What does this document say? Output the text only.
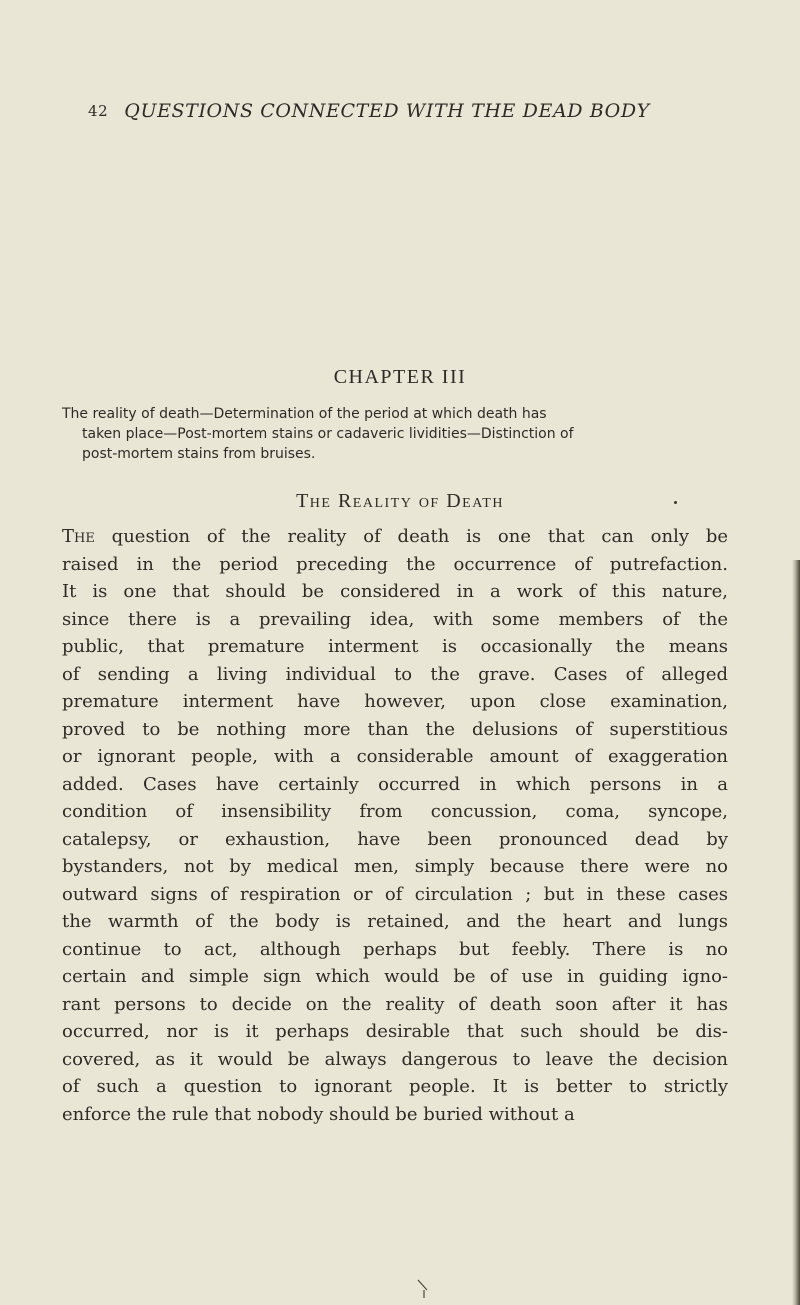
42 QUESTIONS CONNECTED WITH THE DEAD BODY
CHAPTER III
The reality of death—Determination of the period at which death has
taken place—Post-mortem stains or cadaveric lividities—Distinction of
post-mortem stains from bruises.
The Reality of Death
The question of the reality of death is one that can only be
raised in the period preceding the occurrence of putrefaction.
It is one that should be considered in a work of this nature,
since there is a prevailing idea, with some members of the
public, that premature interment is occasionally the means
of sending a living individual to the grave. Cases of alleged
premature interment have however, upon close examination,
proved to be nothing more than the delusions of superstitious
or ignorant people, with a considerable amount of exaggeration
added. Cases have certainly occurred in which persons in a
condition of insensibility from concussion, coma, syncope,
catalepsy, or exhaustion, have been pronounced dead by
bystanders, not by medical men, simply because there were no
outward signs of respiration or of circulation ; but in these cases
the warmth of the body is retained, and the heart and lungs
continue to act, although perhaps but feebly. There is no
certain and simple sign which would be of use in guiding igno-
rant persons to decide on the reality of death soon after it has
occurred, nor is it perhaps desirable that such should be dis-
covered, as it would be always dangerous to leave the decision
of such a question to ignorant people. It is better to strictly
enforce the rule that nobody should be buried without a
